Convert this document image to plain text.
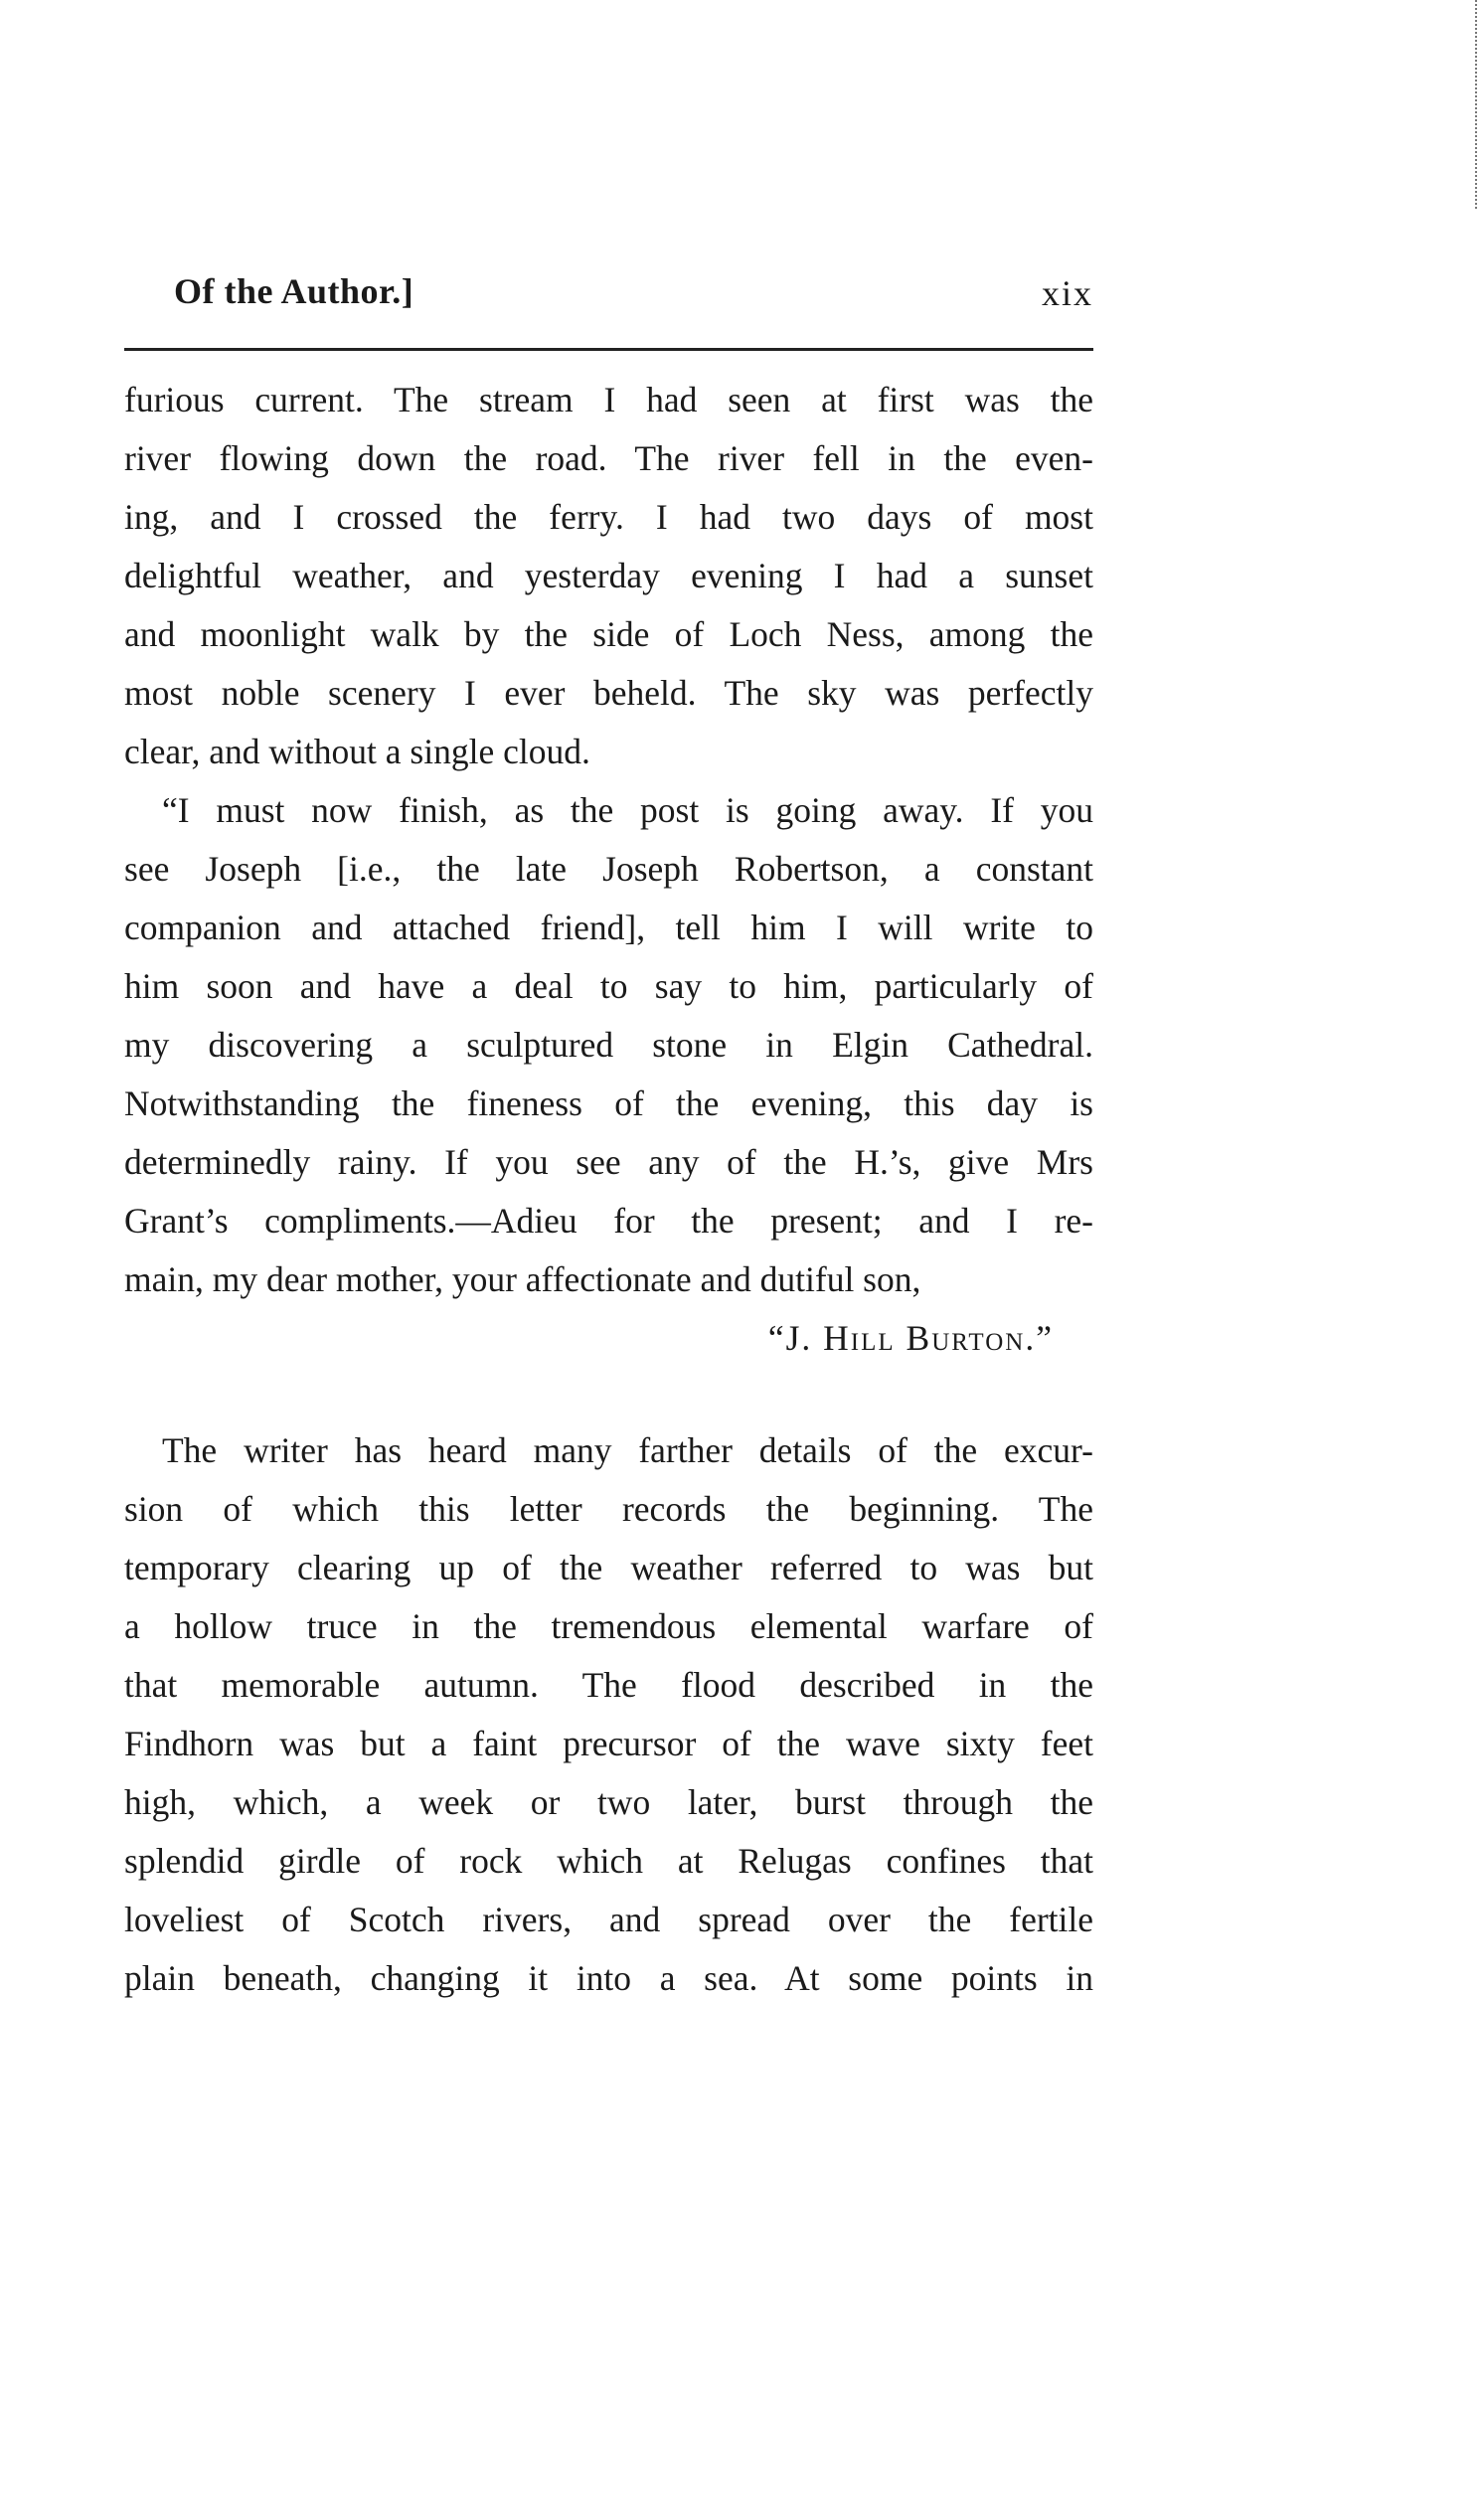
Of the Author.]	xix
furious current. The stream I had seen at first was the
river flowing down the road. The river fell in the even-
ing, and I crossed the ferry. I had two days of most
delightful weather, and yesterday evening I had a sunset
and moonlight walk by the side of Loch Ness, among the
most noble scenery I ever beheld. The sky was perfectly
clear, and without a single cloud.
“I must now finish, as the post is going away. If you
see Joseph [i.e., the late Joseph Robertson, a constant
companion and attached friend], tell him I will write to
him soon and have a deal to say to him, particularly of
my discovering a sculptured stone in Elgin Cathedral.
Notwithstanding the fineness of the evening, this day is
determinedly rainy. If you see any of the H.’s, give Mrs
Grant’s compliments.—Adieu for the present; and I re-
main, my dear mother, your affectionate and dutiful son,
“J. Hill Burton.”
The writer has heard many farther details of the excur-
sion of which this letter records the beginning. The
temporary clearing up of the weather referred to was but
a hollow truce in the tremendous elemental warfare of
that memorable autumn. The flood described in the
Findhorn was but a faint precursor of the wave sixty feet
high, which, a week or two later, burst through the
splendid girdle of rock which at Relugas confines that
loveliest of Scotch rivers, and spread over the fertile
plain beneath, changing it into a sea. At some points in
